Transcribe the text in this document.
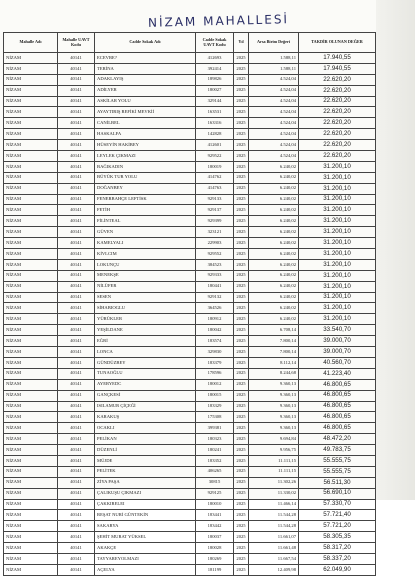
NİZAM MAHALLESİ
Mahalle Adı	Mahalle UAVT Kodu	Cadde Sokak Adı	Cadde Sokak UAVT Kodu	Yıl	Arsa Birim Değeri	TAKDİR OLUNAN DEĞER
NİZAM	40141	ECEVRE?	412693	2025	1.588,11	17.940,55
NİZAM	40141	TERİNA	392414	2025	1.588,11	17.940,55
NİZAM	40141	ADAKLAYIŞ	189826	2025	4.524,04	22.620,20
NİZAM	40141	ADİLYER	180027	2025	4.524,04	22.620,20
NİZAM	40141	ASKİLAR YOLU	329144	2025	4.524,04	22.620,20
NİZAM	40141	AYAYTIRIŞ REFİKİ MEVKİİ	163531	2025	4.524,04	22.620,20
NİZAM	40141	CANİLBEL	163316	2025	4.524,04	22.620,20
NİZAM	40141	HASKALFA	142828	2025	4.524,04	22.620,20
NİZAM	40141	HÜSEYİN HAKİBEY	412601	2025	4.524,04	22.620,20
NİZAM	40141	LEYLEK ÇIKMAZI	929522	2025	4.524,04	22.620,20
NİZAM	40141	BAĞIKADIN	180019	2025	6.240,02	31.200,10
NİZAM	40141	BÜYÜK TUR YOLU	414762	2025	6.240,02	31.200,10
NİZAM	40141	DOĞANBEY	414763	2025	6.240,02	31.200,10
NİZAM	40141	FENERBAHÇE LEFTİSK	929133	2025	6.240,02	31.200,10
NİZAM	40141	FETİH	929137	2025	6.240,02	31.200,10
NİZAM	40141	FİLİNTEAL	929399	2025	6.240,02	31.200,10
NİZAM	40141	GÜVEN	323121	2025	6.240,02	31.200,10
NİZAM	40141	KAMELYALI	229903	2025	6.240,02	31.200,10
NİZAM	40141	KİVLCIM	929552	2025	6.240,02	31.200,10
NİZAM	40141	LOKUNÇU	384523	2025	6.240,02	31.200,10
NİZAM	40141	MENEKŞE	929333	2025	6.240,02	31.200,10
NİZAM	40141	NİLÜFER	180441	2025	6.240,02	31.200,10
NİZAM	40141	SESEN	929132	2025	6.240,02	31.200,10
NİZAM	40141	SİHABIOGLU	364526	2025	6.240,02	31.200,10
NİZAM	40141	YÜRÜKLER	180912	2025	6.240,02	31.200,10
NİZAM	40141	YEŞİLDANE	180042	2025	6.708,14	33.540,70
NİZAM	40141	EĞRİ	183574	2025	7.800,14	39.000,70
NİZAM	40141	LONCA	329830	2025	7.800,14	39.000,70
NİZAM	40141	GÜNDÜZBEY	183379	2025	8.112,14	40.560,70
NİZAM	40141	TUNAOĞLU	178596	2025	8.244,68	41.223,40
NİZAM	40141	AYERYEDC	180012	2025	9.360,13	46.800,65
NİZAM	40141	GANÇKESİ	180015	2025	9.360,13	46.800,65
NİZAM	40141	ISILAMUR ÇİÇEĞİ	183329	2025	9.360,13	46.800,65
NİZAM	40141	KARAKUŞ	175308	2025	9.360,13	46.800,65
NİZAM	40141	OCAKLI	399381	2025	9.360,13	46.800,65
NİZAM	40141	PELİKAN	180323	2025	9.694,84	48.472,20
NİZAM	40141	DÜZENLİ	180241	2025	9.956,75	49.783,75
NİZAM	40141	MÜJDE	183352	2025	11.111,15	55.555,75
NİZAM	40141	PELİTEK	406265	2025	11.111,15	55.555,75
NİZAM	40141	ZİYA PAŞA	30815	2025	11.302,26	56.511,30
NİZAM	40141	ÇALIKUŞU ÇIKMAZI	929125	2025	11.330,02	56.690,10
NİZAM	40141	ÇAKKIRELEI	180010	2025	11.466,14	57.330,70
NİZAM	40141	REŞAT NURİ GÜNTEKİN	183441	2025	11.544,28	57.721,40
NİZAM	40141	SAKARYA	183442	2025	11.544,28	57.721,20
NİZAM	40141	ŞEHİT MURAT YÜKSEL	180037	2025	11.661,07	58.305,35
NİZAM	40141	AKAKÇE	180028	2025	11.661,48	58.317,20
NİZAM	40141	TAYYAREYOLMAZI	180269	2025	11.667,54	58.337,20
NİZAM	40141	AÇELYA	181199	2025	12.409,98	62.049,90
